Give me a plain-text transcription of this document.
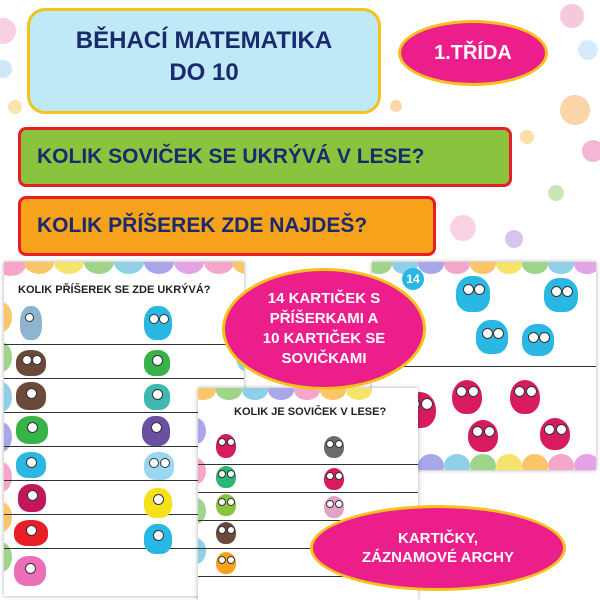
BĚHACÍ MATEMATIKA
DO 10
1.TŘÍDA
KOLIK SOVIČEK SE UKRÝVÁ V LESE?
KOLIK PŘÍŠEREK ZDE NAJDEŠ?
KOLIK PŘÍŠEREK SE ZDE UKRÝVÁ?
14
KOLIK JE SOVIČEK V LESE?
14 KARTIČEK S
PŘÍŠERKAMI A
10 KARTIČEK SE
SOVIČKAMI
KARTIČKY,
ZÁZNAMOVÉ ARCHY
